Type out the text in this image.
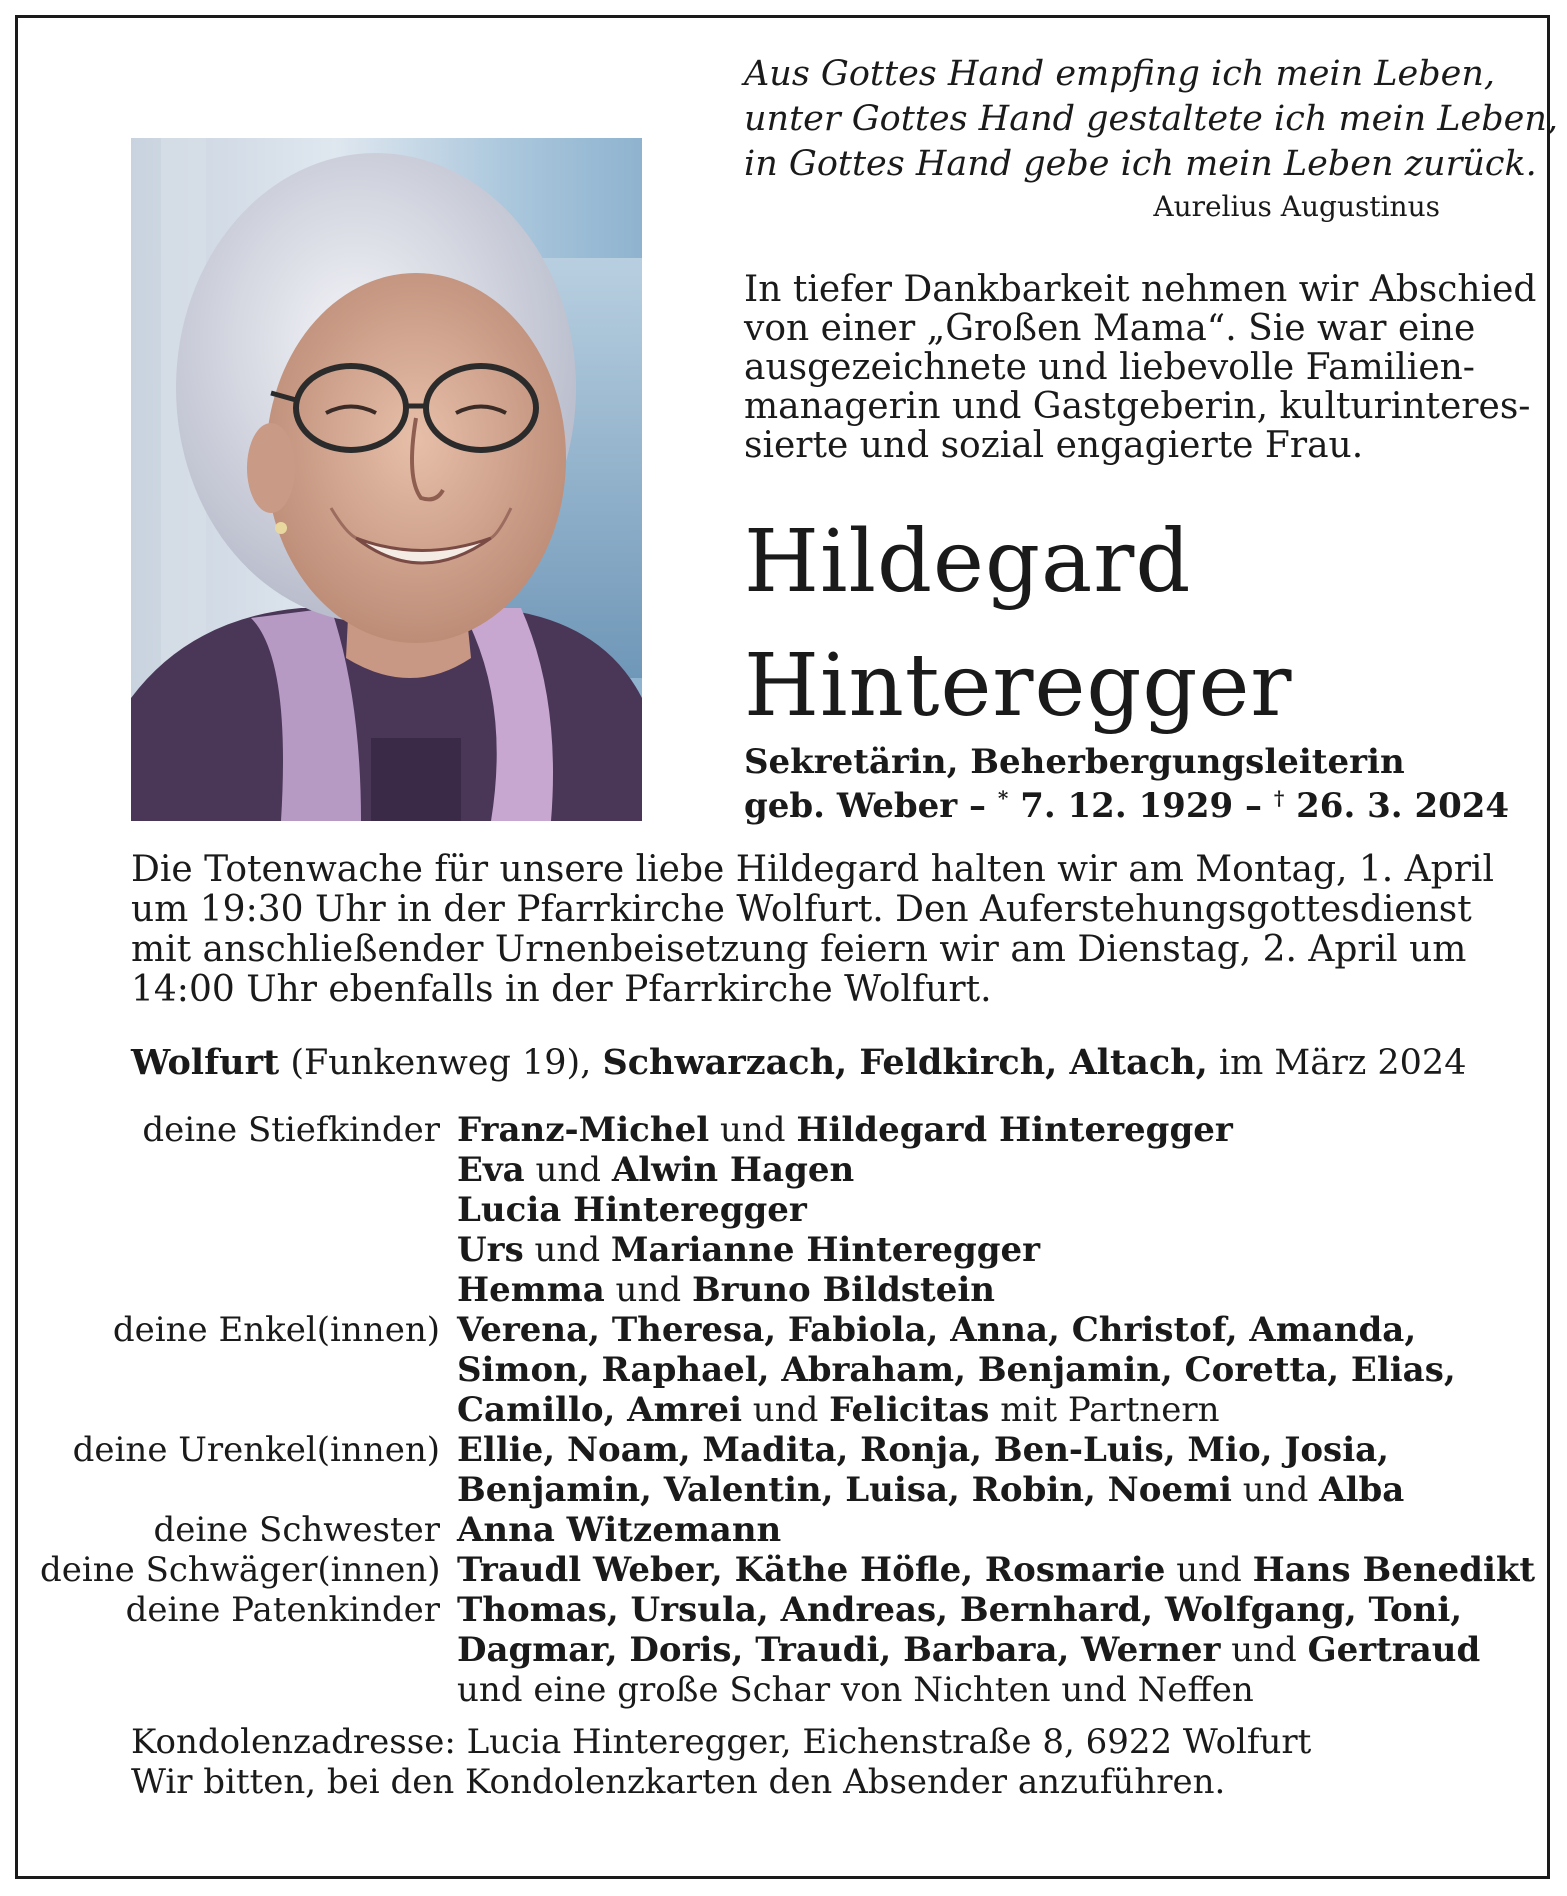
Aus Gottes Hand empfing ich mein Leben,
unter Gottes Hand gestaltete ich mein Leben,
in Gottes Hand gebe ich mein Leben zurück.
Aurelius Augustinus
In tiefer Dankbarkeit nehmen wir Abschied
von einer „Großen Mama“. Sie war eine
ausgezeichnete und liebevolle Familien-
managerin und Gastgeberin, kulturinteres-
sierte und sozial engagierte Frau.
Hildegard
Hinteregger
Sekretärin, Beherbergungsleiterin
geb. Weber – * 7. 12. 1929 – † 26. 3. 2024
Die Totenwache für unsere liebe Hildegard halten wir am Montag, 1. April
um 19:30 Uhr in der Pfarrkirche Wolfurt. Den Auferstehungsgottesdienst
mit anschließender Urnenbeisetzung feiern wir am Dienstag, 2. April um
14:00 Uhr ebenfalls in der Pfarrkirche Wolfurt.
Wolfurt (Funkenweg 19), Schwarzach, Feldkirch, Altach, im März 2024
deine Stiefkinder Franz-Michel und Hildegard Hinteregger
Eva und Alwin Hagen
Lucia Hinteregger
Urs und Marianne Hinteregger
Hemma und Bruno Bildstein
deine Enkel(innen) Verena, Theresa, Fabiola, Anna, Christof, Amanda,
Simon, Raphael, Abraham, Benjamin, Coretta, Elias,
Camillo, Amrei und Felicitas mit Partnern
deine Urenkel(innen) Ellie, Noam, Madita, Ronja, Ben-Luis, Mio, Josia,
Benjamin, Valentin, Luisa, Robin, Noemi und Alba
deine Schwester Anna Witzemann
deine Schwäger(innen) Traudl Weber, Käthe Höfle, Rosmarie und Hans Benedikt
deine Patenkinder Thomas, Ursula, Andreas, Bernhard, Wolfgang, Toni,
Dagmar, Doris, Traudi, Barbara, Werner und Gertraud
und eine große Schar von Nichten und Neffen
Kondolenzadresse: Lucia Hinteregger, Eichenstraße 8, 6922 Wolfurt
Wir bitten, bei den Kondolenzkarten den Absender anzuführen.
